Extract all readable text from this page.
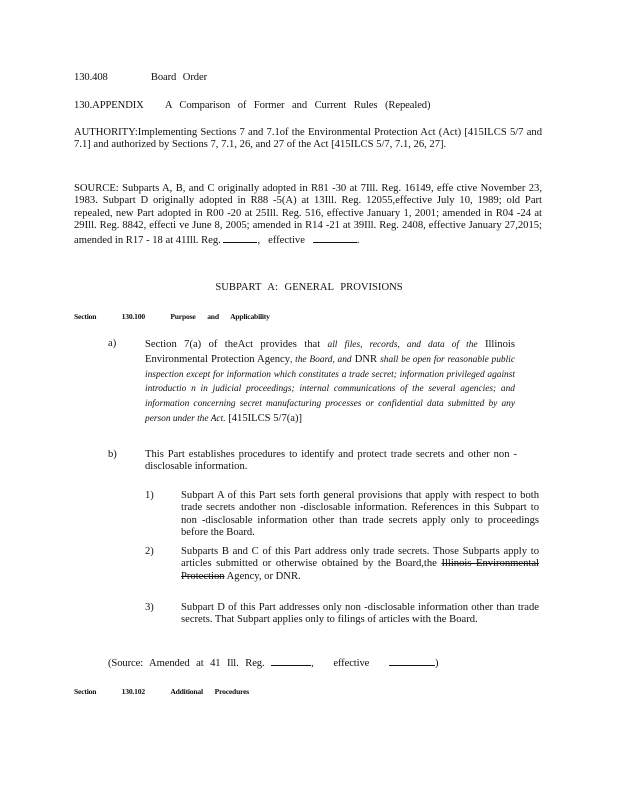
130.408	Board Order
130.APPENDIX A Comparison of Former and Current Rules (Repealed)
AUTHORITY:Implementing Sections 7 and 7.1of the Environmental Protection Act (Act) [415ILCS 5/7 and 7.1] and authorized by Sections 7, 7.1, 26, and 27 of the Act [415ILCS 5/7, 7.1, 26, 27].
SOURCE: Subparts A, B, and C originally adopted in R81 -30 at 7Ill. Reg. 16149, effe ctive November 23, 1983. Subpart D originally adopted in R88 -5(A) at 13Ill. Reg. 12055,effective July 10, 1989; old Part repealed, new Part adopted in R00 -20 at 25Ill. Reg. 516, effective January 1, 2001; amended in R04 -24 at 29Ill. Reg. 8842, effecti ve June 8, 2005; amended in R14 -21 at 39Ill. Reg. 2408, effective January 27,2015; amended in R17 - 18 at 41Ill. Reg.	, effective	.
SUBPART A: GENERAL PROVISIONS
Section	130.100	Purpose and Applicability
a)	Section 7(a) of theAct provides that all files, records, and data of the Illinois Environmental Protection Agency, the Board, and DNR shall be open for reasonable public inspection except for information which constitutes a trade secret; information privileged against introductio n in judicial proceedings; internal communications of the several agencies; and information concerning secret manufacturing processes or confidential data submitted by any person under the Act. [415ILCS 5/7(a)]
b)	This Part establishes procedures to identify and protect trade secrets and other non -disclosable information.
1)	Subpart A of this Part sets forth general provisions that apply with respect to both trade secrets andother non -disclosable information. References in this Subpart to non -disclosable information other than trade secrets apply only to proceedings before the Board.
2)	Subparts B and C of this Part address only trade secrets. Those Subparts apply to articles submitted or otherwise obtained by the Board,the Illinois Environmental Protection Agency, or DNR.
3)	Subpart D of this Part addresses only non -disclosable information other than trade secrets. That Subpart applies only to filings of articles with the Board.
(Source: Amended at 41 Ill. Reg.	, effective	)
Section	130.102	Additional Procedures
